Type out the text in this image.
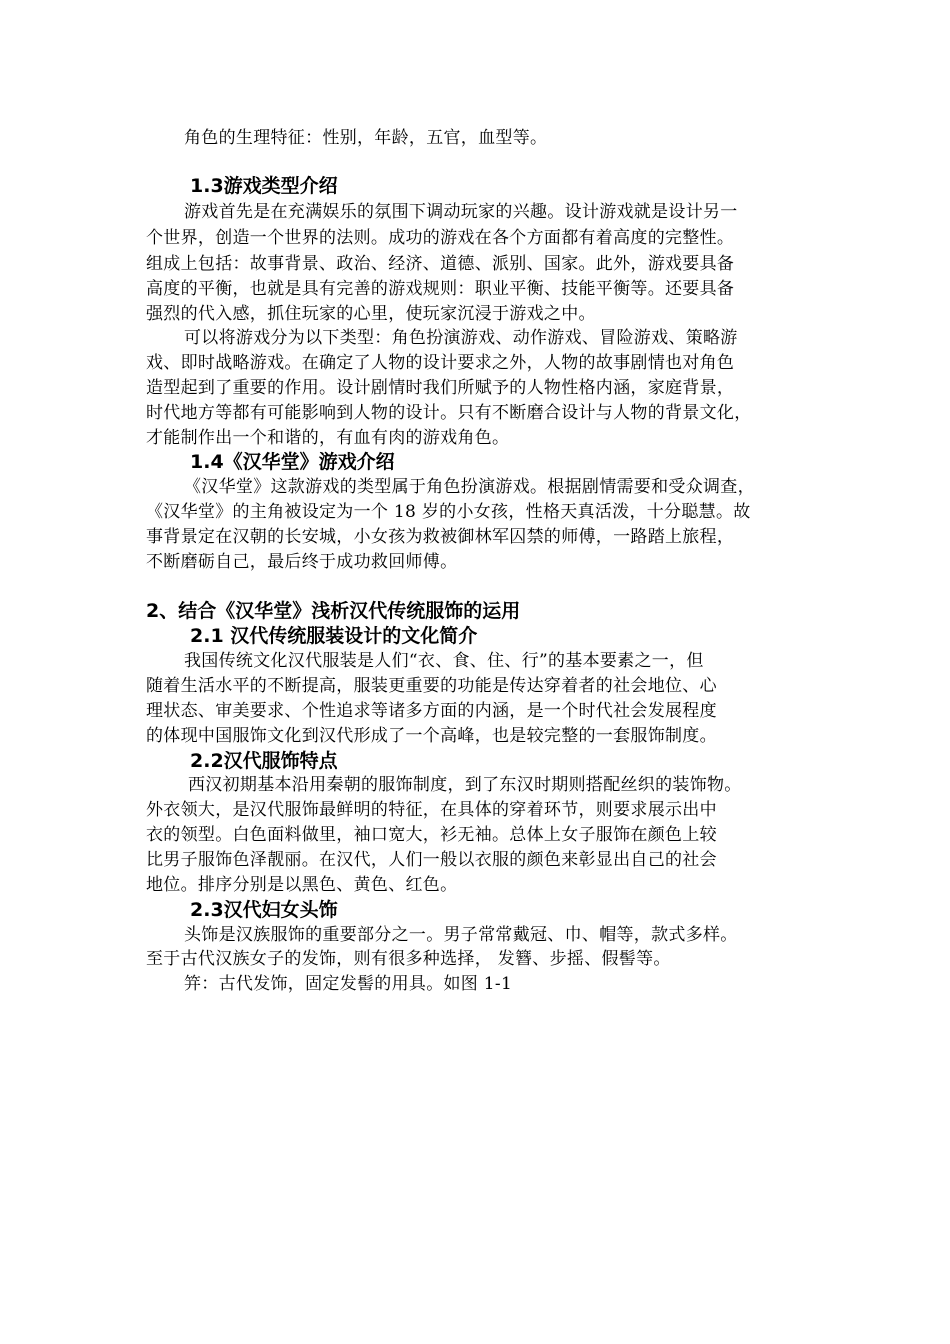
角色的生理特征：性别，年龄，五官，血型等。
1.3游戏类型介绍
游戏首先是在充满娱乐的氛围下调动玩家的兴趣。设计游戏就是设计另一
个世界，创造一个世界的法则。成功的游戏在各个方面都有着高度的完整性。
组成上包括：故事背景、政治、经济、道德、派别、国家。此外，游戏要具备
高度的平衡，也就是具有完善的游戏规则：职业平衡、技能平衡等。还要具备
强烈的代入感，抓住玩家的心里，使玩家沉浸于游戏之中。
可以将游戏分为以下类型：角色扮演游戏、动作游戏、冒险游戏、策略游
戏、即时战略游戏。在确定了人物的设计要求之外，人物的故事剧情也对角色
造型起到了重要的作用。设计剧情时我们所赋予的人物性格内涵，家庭背景，
时代地方等都有可能影响到人物的设计。只有不断磨合设计与人物的背景文化，
才能制作出一个和谐的，有血有肉的游戏角色。
1.4《汉华堂》游戏介绍
《汉华堂》这款游戏的类型属于角色扮演游戏。根据剧情需要和受众调查，
《汉华堂》的主角被设定为一个 18 岁的小女孩，性格天真活泼，十分聪慧。故
事背景定在汉朝的长安城，小女孩为救被御林军囚禁的师傅，一路踏上旅程，
不断磨砺自己，最后终于成功救回师傅。
2、结合《汉华堂》浅析汉代传统服饰的运用
2.1 汉代传统服装设计的文化简介
我国传统文化汉代服装是人们“衣、食、住、行”的基本要素之一，但
随着生活水平的不断提高，服装更重要的功能是传达穿着者的社会地位、心
理状态、审美要求、个性追求等诸多方面的内涵，是一个时代社会发展程度
的体现中国服饰文化到汉代形成了一个高峰，也是较完整的一套服饰制度。
2.2汉代服饰特点
西汉初期基本沿用秦朝的服饰制度，到了东汉时期则搭配丝织的装饰物。
外衣领大，是汉代服饰最鲜明的特征，在具体的穿着环节，则要求展示出中
衣的领型。白色面料做里，袖口宽大，衫无袖。总体上女子服饰在颜色上较
比男子服饰色泽靓丽。在汉代，人们一般以衣服的颜色来彰显出自己的社会
地位。排序分别是以黑色、黄色、红色。
2.3汉代妇女头饰
头饰是汉族服饰的重要部分之一。男子常常戴冠、巾、帽等，款式多样。
至于古代汉族女子的发饰，则有很多种选择， 发簪、步摇、假髻等。
笄：古代发饰，固定发髻的用具。如图 1-1
